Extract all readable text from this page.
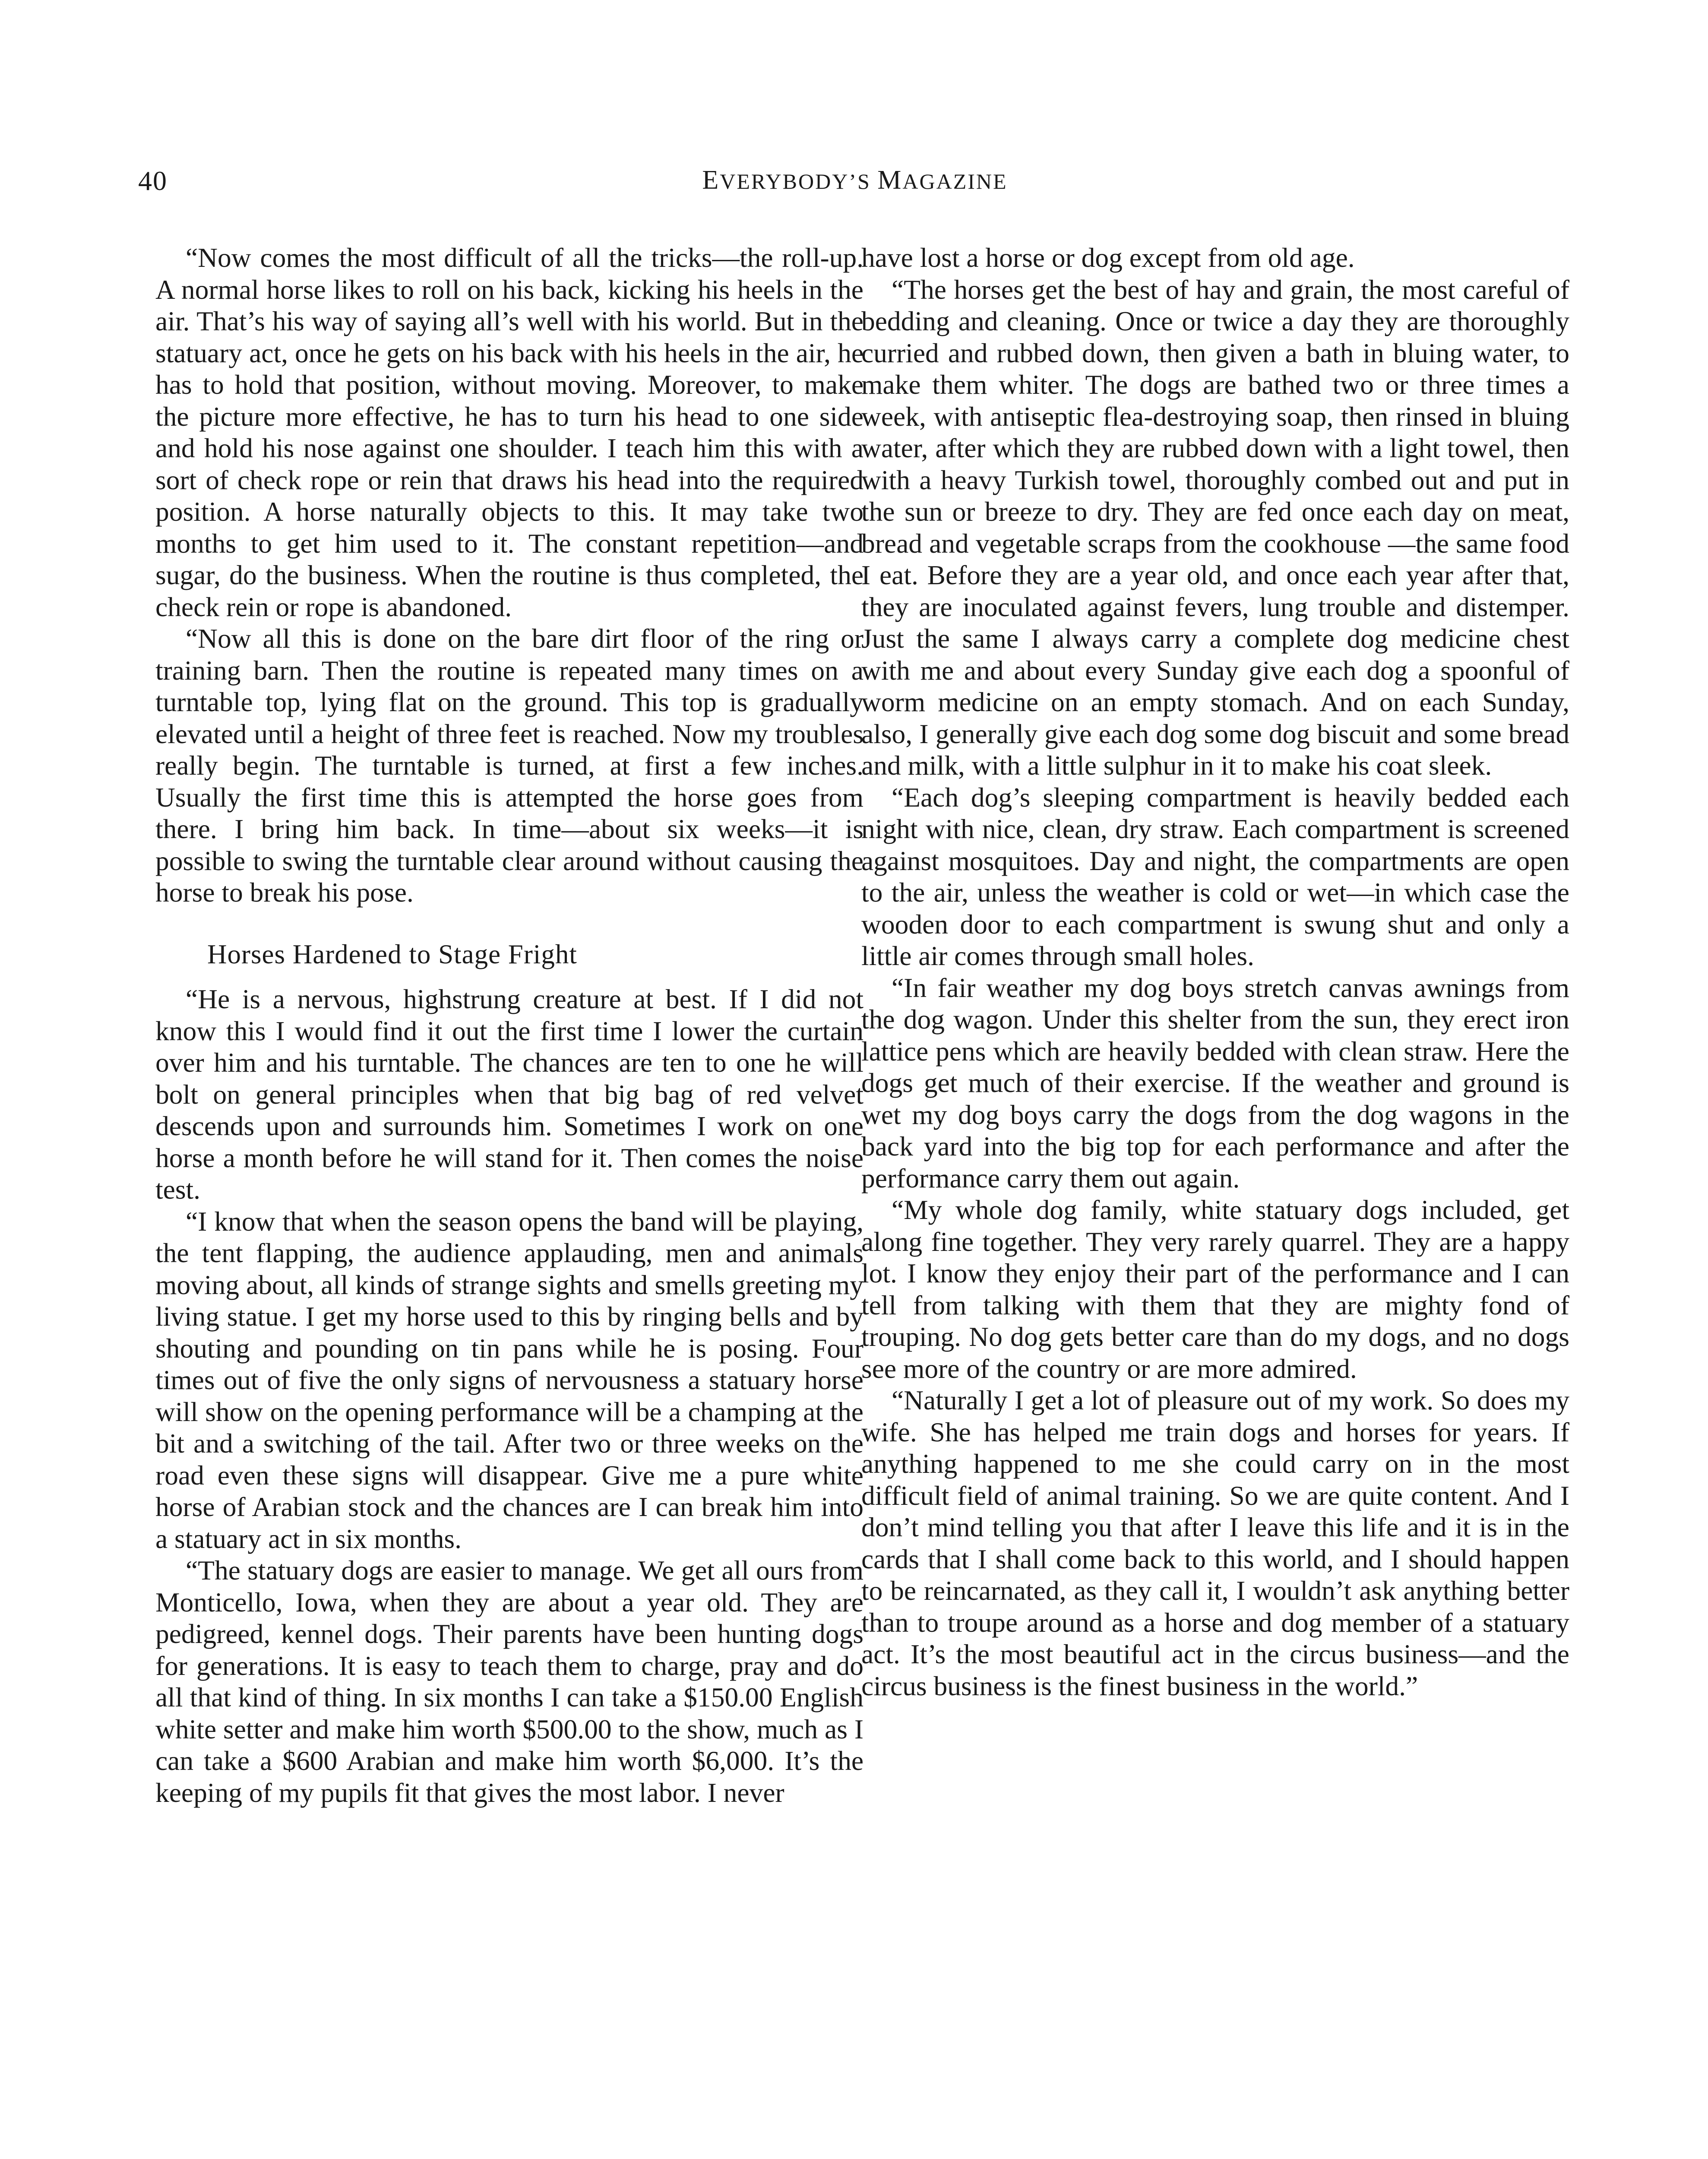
40	EVERYBODY’S MAGAZINE

“Now comes the most difficult of all the tricks—the roll-up. A normal horse likes to roll on his back, kicking his heels in the air. That’s his way of saying all’s well with his world. But in the statuary act, once he gets on his back with his heels in the air, he has to hold that position, without moving. Moreover, to make the picture more effective, he has to turn his head to one side and hold his nose against one shoulder. I teach him this with a sort of check rope or rein that draws his head into the required position. A horse naturally objects to this. It may take two months to get him used to it. The constant repetition—and sugar, do the business. When the routine is thus completed, the check rein or rope is abandoned.

“Now all this is done on the bare dirt floor of the ring or training barn. Then the routine is repeated many times on a turntable top, lying flat on the ground. This top is gradually elevated until a height of three feet is reached. Now my troubles really begin. The turntable is turned, at first a few inches. Usually the first time this is attempted the horse goes from there. I bring him back. In time—about six weeks—it is possible to swing the turntable clear around without causing the horse to break his pose.

Horses Hardened to Stage Fright

“He is a nervous, highstrung creature at best. If I did not know this I would find it out the first time I lower the curtain over him and his turntable. The chances are ten to one he will bolt on general principles when that big bag of red velvet descends upon and surrounds him. Sometimes I work on one horse a month before he will stand for it. Then comes the noise test.

“I know that when the season opens the band will be playing, the tent flapping, the audience applauding, men and animals moving about, all kinds of strange sights and smells greeting my living statue. I get my horse used to this by ringing bells and by shouting and pounding on tin pans while he is posing. Four times out of five the only signs of nervousness a statuary horse will show on the opening performance will be a champing at the bit and a switching of the tail. After two or three weeks on the road even these signs will disappear. Give me a pure white horse of Arabian stock and the chances are I can break him into a statuary act in six months.

“The statuary dogs are easier to manage. We get all ours from Monticello, Iowa, when they are about a year old. They are pedigreed, kennel dogs. Their parents have been hunting dogs for generations. It is easy to teach them to charge, pray and do all that kind of thing. In six months I can take a $150.00 English white setter and make him worth $500.00 to the show, much as I can take a $600 Arabian and make him worth $6,000. It’s the keeping of my pupils fit that gives the most labor. I never

have lost a horse or dog except from old age.

“The horses get the best of hay and grain, the most careful of bedding and cleaning. Once or twice a day they are thoroughly curried and rubbed down, then given a bath in bluing water, to make them whiter. The dogs are bathed two or three times a week, with antiseptic flea-destroying soap, then rinsed in bluing water, after which they are rubbed down with a light towel, then with a heavy Turkish towel, thoroughly combed out and put in the sun or breeze to dry. They are fed once each day on meat, bread and vegetable scraps from the cookhouse —the same food I eat. Before they are a year old, and once each year after that, they are inoculated against fevers, lung trouble and distemper. Just the same I always carry a complete dog medicine chest with me and about every Sunday give each dog a spoonful of worm medicine on an empty stomach. And on each Sunday, also, I generally give each dog some dog biscuit and some bread and milk, with a little sulphur in it to make his coat sleek.

“Each dog’s sleeping compartment is heavily bedded each night with nice, clean, dry straw. Each compartment is screened against mosquitoes. Day and night, the compartments are open to the air, unless the weather is cold or wet—in which case the wooden door to each compartment is swung shut and only a little air comes through small holes.

“In fair weather my dog boys stretch canvas awnings from the dog wagon. Under this shelter from the sun, they erect iron lattice pens which are heavily bedded with clean straw. Here the dogs get much of their exercise. If the weather and ground is wet my dog boys carry the dogs from the dog wagons in the back yard into the big top for each performance and after the performance carry them out again.

“My whole dog family, white statuary dogs included, get along fine together. They very rarely quarrel. They are a happy lot. I know they enjoy their part of the performance and I can tell from talking with them that they are mighty fond of trouping. No dog gets better care than do my dogs, and no dogs see more of the country or are more admired.

“Naturally I get a lot of pleasure out of my work. So does my wife. She has helped me train dogs and horses for years. If anything happened to me she could carry on in the most difficult field of animal training. So we are quite content. And I don’t mind telling you that after I leave this life and it is in the cards that I shall come back to this world, and I should happen to be reincarnated, as they call it, I wouldn’t ask anything better than to troupe around as a horse and dog member of a statuary act. It’s the most beautiful act in the circus business—and the circus business is the finest business in the world.”
